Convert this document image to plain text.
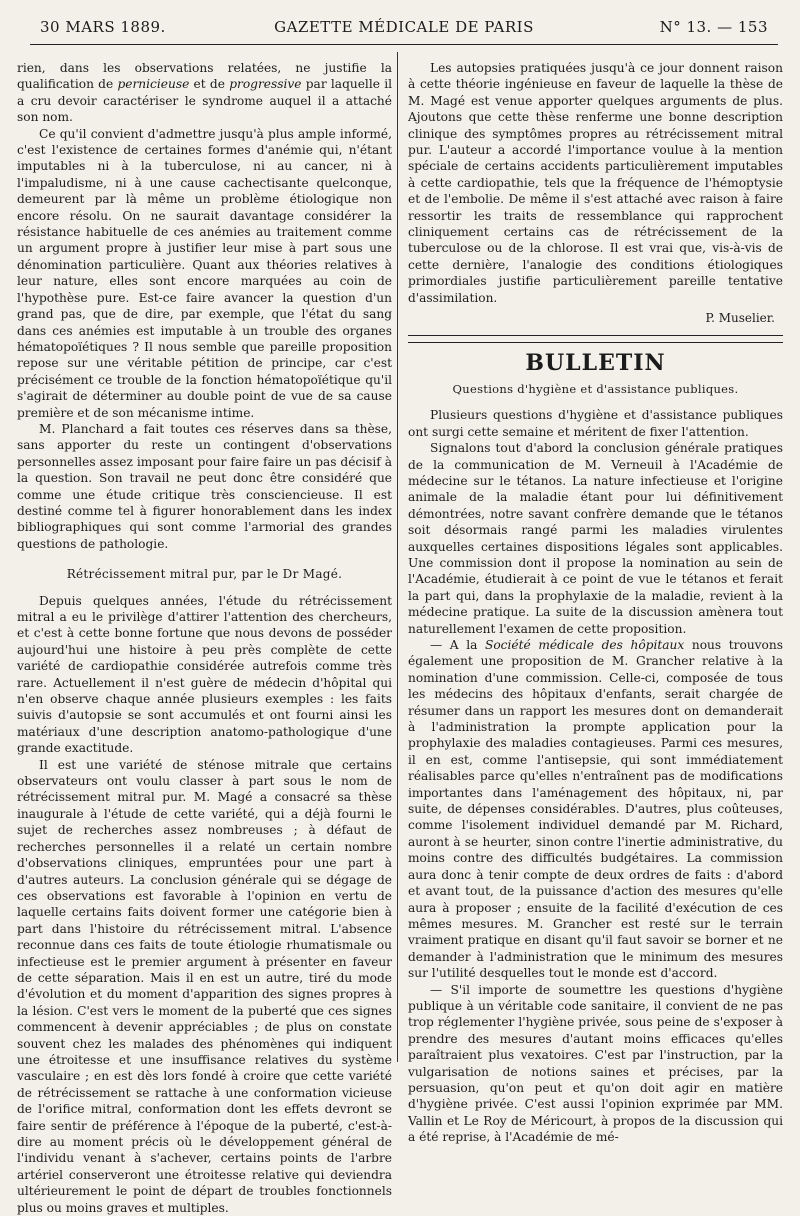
30 MARS 1889.	GAZETTE MÉDICALE DE PARIS	N° 13. — 153

rien, dans les observations relatées, ne justifie la qualification de pernicieuse et de progressive par laquelle il a cru devoir caractériser le syndrome auquel il a attaché son nom.

Ce qu'il convient d'admettre jusqu'à plus ample informé, c'est l'existence de certaines formes d'anémie qui, n'étant imputables ni à la tuberculose, ni au cancer, ni à l'impaludisme, ni à une cause cachectisante quelconque, demeurent par là même un problème étiologique non encore résolu. On ne saurait davantage considérer la résistance habituelle de ces anémies au traitement comme un argument propre à justifier leur mise à part sous une dénomination particulière. Quant aux théories relatives à leur nature, elles sont encore marquées au coin de l'hypothèse pure. Est-ce faire avancer la question d'un grand pas, que de dire, par exemple, que l'état du sang dans ces anémies est imputable à un trouble des organes hématopoïétiques ? Il nous semble que pareille proposition repose sur une véritable pétition de principe, car c'est précisément ce trouble de la fonction hématopoïétique qu'il s'agirait de déterminer au double point de vue de sa cause première et de son mécanisme intime.

M. Planchard a fait toutes ces réserves dans sa thèse, sans apporter du reste un contingent d'observations personnelles assez imposant pour faire faire un pas décisif à la question. Son travail ne peut donc être considéré que comme une étude critique très consciencieuse. Il est destiné comme tel à figurer honorablement dans les index bibliographiques qui sont comme l'armorial des grandes questions de pathologie.

Rétrécissement mitral pur, par le Dr Magé.

Depuis quelques années, l'étude du rétrécissement mitral a eu le privilège d'attirer l'attention des chercheurs, et c'est à cette bonne fortune que nous devons de posséder aujourd'hui une histoire à peu près complète de cette variété de cardiopathie considérée autrefois comme très rare. Actuellement il n'est guère de médecin d'hôpital qui n'en observe chaque année plusieurs exemples : les faits suivis d'autopsie se sont accumulés et ont fourni ainsi les matériaux d'une description anatomo-pathologique d'une grande exactitude.

Il est une variété de sténose mitrale que certains observateurs ont voulu classer à part sous le nom de rétrécissement mitral pur. M. Magé a consacré sa thèse inaugurale à l'étude de cette variété, qui a déjà fourni le sujet de recherches assez nombreuses ; à défaut de recherches personnelles il a relaté un certain nombre d'observations cliniques, empruntées pour une part à d'autres auteurs. La conclusion générale qui se dégage de ces observations est favorable à l'opinion en vertu de laquelle certains faits doivent former une catégorie bien à part dans l'histoire du rétrécissement mitral. L'absence reconnue dans ces faits de toute étiologie rhumatismale ou infectieuse est le premier argument à présenter en faveur de cette séparation. Mais il en est un autre, tiré du mode d'évolution et du moment d'apparition des signes propres à la lésion. C'est vers le moment de la puberté que ces signes commencent à devenir appréciables ; de plus on constate souvent chez les malades des phénomènes qui indiquent une étroitesse et une insuffisance relatives du système vasculaire ; en est dès lors fondé à croire que cette variété de rétrécissement se rattache à une conformation vicieuse de l'orifice mitral, conformation dont les effets devront se faire sentir de préférence à l'époque de la puberté, c'est-à-dire au moment précis où le développement général de l'individu venant à s'achever, certains points de l'arbre artériel conserveront une étroitesse relative qui deviendra ultérieurement le point de départ de troubles fonctionnels plus ou moins graves et multiples.

Les autopsies pratiquées jusqu'à ce jour donnent raison à cette théorie ingénieuse en faveur de laquelle la thèse de M. Magé est venue apporter quelques arguments de plus. Ajoutons que cette thèse renferme une bonne description clinique des symptômes propres au rétrécissement mitral pur. L'auteur a accordé l'importance voulue à la mention spéciale de certains accidents particulièrement imputables à cette cardiopathie, tels que la fréquence de l'hémoptysie et de l'embolie. De même il s'est attaché avec raison à faire ressortir les traits de ressemblance qui rapprochent cliniquement certains cas de rétrécissement de la tuberculose ou de la chlorose. Il est vrai que, vis-à-vis de cette dernière, l'analogie des conditions étiologiques primordiales justifie particulièrement pareille tentative d'assimilation.

P. Muselier.
BULLETIN
Questions d'hygiène et d'assistance publiques.

Plusieurs questions d'hygiène et d'assistance publiques ont surgi cette semaine et méritent de fixer l'attention.

Signalons tout d'abord la conclusion générale pratiques de la communication de M. Verneuil à l'Académie de médecine sur le tétanos. La nature infectieuse et l'origine animale de la maladie étant pour lui définitivement démontrées, notre savant confrère demande que le tétanos soit désormais rangé parmi les maladies virulentes auxquelles certaines dispositions légales sont applicables. Une commission dont il propose la nomination au sein de l'Académie, étudierait à ce point de vue le tétanos et ferait la part qui, dans la prophylaxie de la maladie, revient à la médecine pratique. La suite de la discussion amènera tout naturellement l'examen de cette proposition.

— A la Société médicale des hôpitaux nous trouvons également une proposition de M. Grancher relative à la nomination d'une commission. Celle-ci, composée de tous les médecins des hôpitaux d'enfants, serait chargée de résumer dans un rapport les mesures dont on demanderait à l'administration la prompte application pour la prophylaxie des maladies contagieuses. Parmi ces mesures, il en est, comme l'antisepsie, qui sont immédiatement réalisables parce qu'elles n'entraînent pas de modifications importantes dans l'aménagement des hôpitaux, ni, par suite, de dépenses considérables. D'autres, plus coûteuses, comme l'isolement individuel demandé par M. Richard, auront à se heurter, sinon contre l'inertie administrative, du moins contre des difficultés budgétaires. La commission aura donc à tenir compte de deux ordres de faits : d'abord et avant tout, de la puissance d'action des mesures qu'elle aura à proposer ; ensuite de la facilité d'exécution de ces mêmes mesures. M. Grancher est resté sur le terrain vraiment pratique en disant qu'il faut savoir se borner et ne demander à l'administration que le minimum des mesures sur l'utilité desquelles tout le monde est d'accord.

— S'il importe de soumettre les questions d'hygiène publique à un véritable code sanitaire, il convient de ne pas trop réglementer l'hygiène privée, sous peine de s'exposer à prendre des mesures d'autant moins efficaces qu'elles paraîtraient plus vexatoires. C'est par l'instruction, par la vulgarisation de notions saines et précises, par la persuasion, qu'on peut et qu'on doit agir en matière d'hygiène privée. C'est aussi l'opinion exprimée par MM. Vallin et Le Roy de Méricourt, à propos de la discussion qui a été reprise, à l'Académie de mé-
